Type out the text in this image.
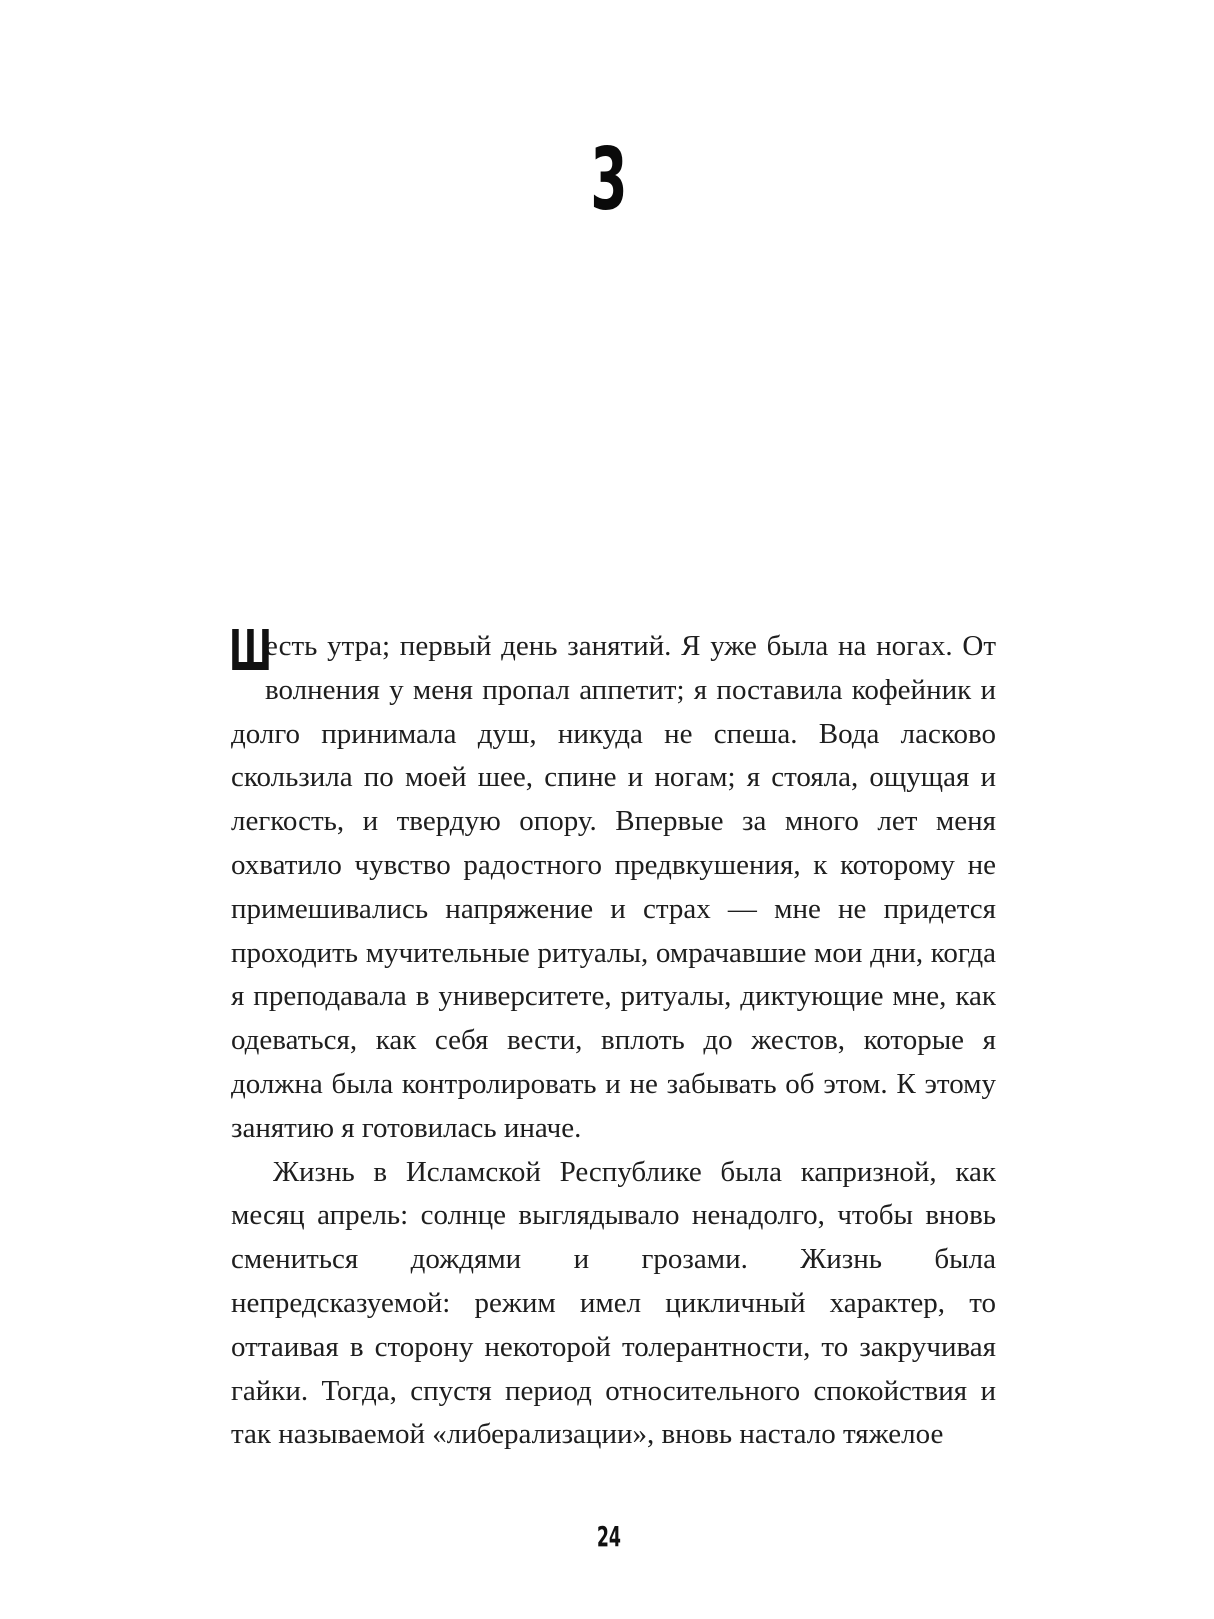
3

Ш
есть утра; первый день занятий. Я уже была на ногах. От волнения у меня пропал аппетит; я поставила кофейник и долго принимала душ, никуда не спеша. Вода ласково скользила по моей шее, спине и ногам; я стояла, ощущая и легкость, и твердую опору. Впервые за много лет меня охватило чувство радостного предвкушения, к которому не примешивались напряжение и страх — мне не придется проходить мучительные ритуалы, омрачавшие мои дни, когда я преподавала в университете, ритуалы, диктующие мне, как одеваться, как себя вести, вплоть до жестов, которые я должна была контролировать и не забывать об этом. К этому занятию я готовилась иначе.

Жизнь в Исламской Республике была капризной, как месяц апрель: солнце выглядывало ненадолго, чтобы вновь смениться дождями и грозами. Жизнь была непредсказуемой: режим имел цикличный характер, то оттаивая в сторону некоторой толерантности, то закручивая гайки. Тогда, спустя период относительного спокойствия и так называемой «либерализации», вновь настало тяжелое

24
